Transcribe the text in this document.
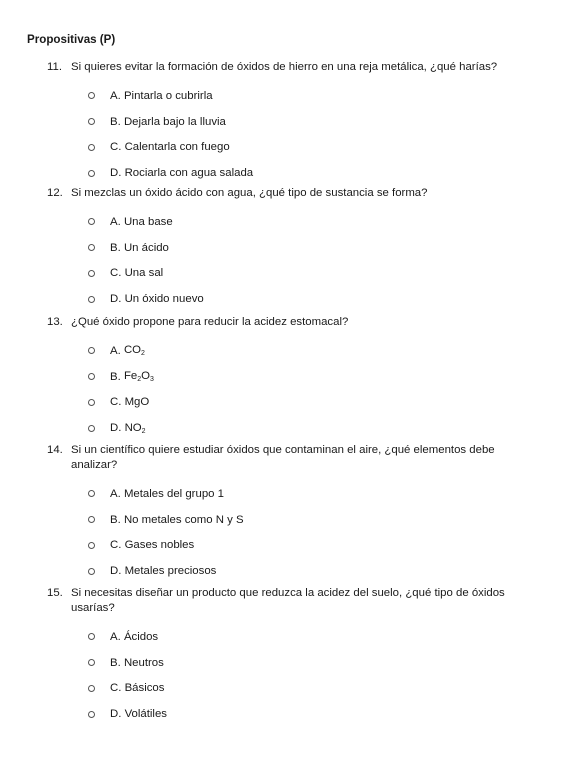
Propositivas (P)
11. Si quieres evitar la formación de óxidos de hierro en una reja metálica, ¿qué harías?
A. Pintarla o cubrirla
B. Dejarla bajo la lluvia
C. Calentarla con fuego
D. Rociarla con agua salada
12. Si mezclas un óxido ácido con agua, ¿qué tipo de sustancia se forma?
A. Una base
B. Un ácido
C. Una sal
D. Un óxido nuevo
13. ¿Qué óxido propone para reducir la acidez estomacal?
A. $CO_2$
B. $Fe_2O_3$
C. MgO
D. $NO_2$
14. Si un científico quiere estudiar óxidos que contaminan el aire, ¿qué elementos debe analizar?
A. Metales del grupo 1
B. No metales como N y S
C. Gases nobles
D. Metales preciosos
15. Si necesitas diseñar un producto que reduzca la acidez del suelo, ¿qué tipo de óxidos usarías?
A. Ácidos
B. Neutros
C. Básicos
D. Volátiles
